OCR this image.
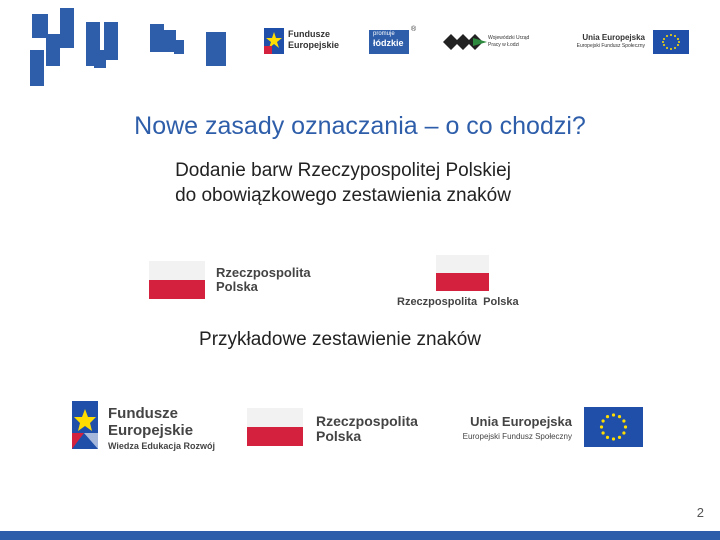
Fundusze
Europejskie
promuje
łódzkie
®
Wojewódzki Urząd
Pracy w Łodzi
Unia Europejska
Europejski Fundusz Społeczny
Nowe zasady oznaczania – o co chodzi?
Dodanie barw Rzeczypospolitej Polskiej
do obowiązkowego zestawienia znaków
Rzeczpospolita
Polska
Rzeczpospolita  Polska
Przykładowe zestawienie znaków
Fundusze
Europejskie
Wiedza Edukacja Rozwój
Rzeczpospolita
Polska
Unia Europejska
Europejski Fundusz Społeczny
2
